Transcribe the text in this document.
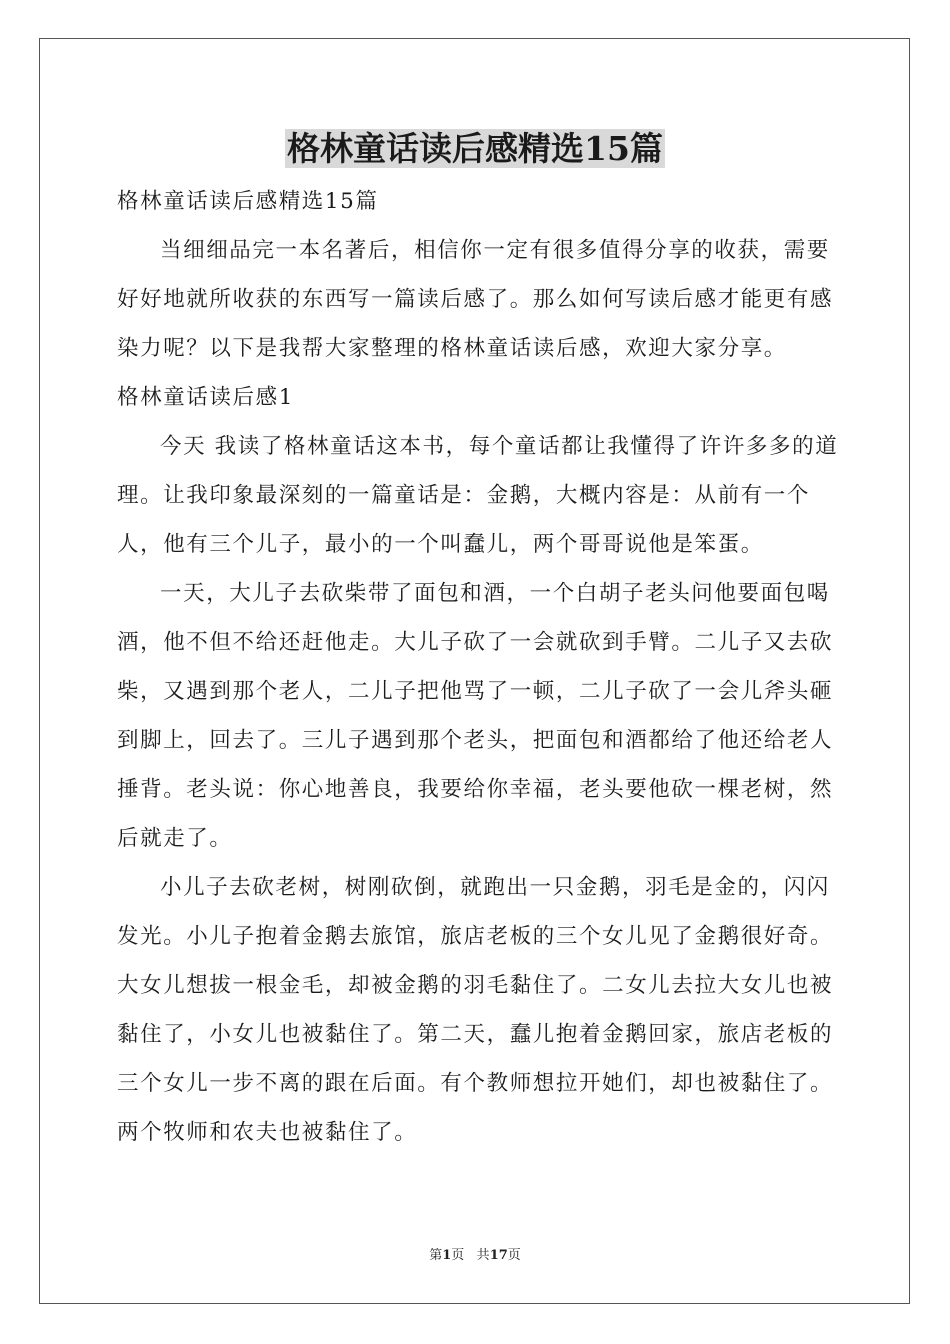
格林童话读后感精选15篇

格林童话读后感精选15篇

当细细品完一本名著后，相信你一定有很多值得分享的收获，需要好好地就所收获的东西写一篇读后感了。那么如何写读后感才能更有感染力呢？以下是我帮大家整理的格林童话读后感，欢迎大家分享。

格林童话读后感1

今天 我读了格林童话这本书，每个童话都让我懂得了许许多多的道理。让我印象最深刻的一篇童话是：金鹅，大概内容是：从前有一个人，他有三个儿子，最小的一个叫蠢儿，两个哥哥说他是笨蛋。

一天，大儿子去砍柴带了面包和酒，一个白胡子老头问他要面包喝酒，他不但不给还赶他走。大儿子砍了一会就砍到手臂。二儿子又去砍柴，又遇到那个老人，二儿子把他骂了一顿，二儿子砍了一会儿斧头砸到脚上，回去了。三儿子遇到那个老头，把面包和酒都给了他还给老人捶背。老头说：你心地善良，我要给你幸福，老头要他砍一棵老树，然后就走了。

小儿子去砍老树，树刚砍倒，就跑出一只金鹅，羽毛是金的，闪闪发光。小儿子抱着金鹅去旅馆，旅店老板的三个女儿见了金鹅很好奇。大女儿想拔一根金毛，却被金鹅的羽毛黏住了。二女儿去拉大女儿也被黏住了，小女儿也被黏住了。第二天，蠢儿抱着金鹅回家，旅店老板的三个女儿一步不离的跟在后面。有个教师想拉开她们，却也被黏住了。两个牧师和农夫也被黏住了。

第1页 共17页
